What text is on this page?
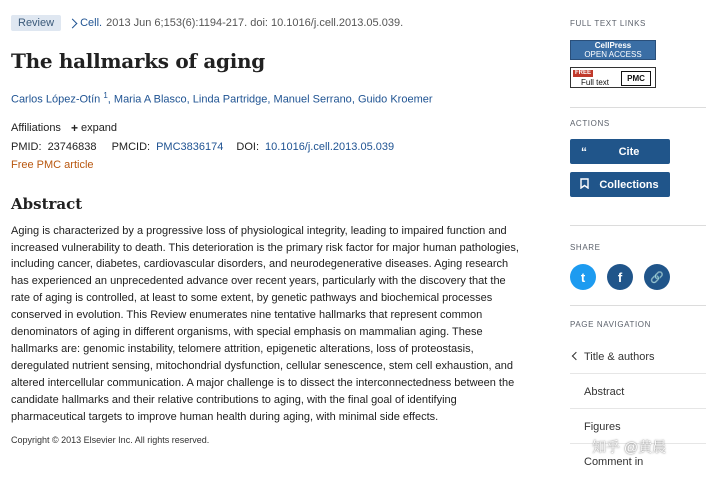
Review	Cell. 2013 Jun 6;153(6):1194-217. doi: 10.1016/j.cell.2013.05.039.
The hallmarks of aging
Carlos López-Otín $^1$, Maria A Blasco, Linda Partridge, Manuel Serrano, Guido Kroemer
Affiliations + expand
PMID: 23746838 PMCID: PMC3836174 DOI: 10.1016/j.cell.2013.05.039
Free PMC article
Abstract

Aging is characterized by a progressive loss of physiological integrity, leading to impaired function and increased vulnerability to death. This deterioration is the primary risk factor for major human pathologies, including cancer, diabetes, cardiovascular disorders, and neurodegenerative diseases. Aging research has experienced an unprecedented advance over recent years, particularly with the discovery that the rate of aging is controlled, at least to some extent, by genetic pathways and biochemical processes conserved in evolution. This Review enumerates nine tentative hallmarks that represent common denominators of aging in different organisms, with special emphasis on mammalian aging. These hallmarks are: genomic instability, telomere attrition, epigenetic alterations, loss of proteostasis, deregulated nutrient sensing, mitochondrial dysfunction, cellular senescence, stem cell exhaustion, and altered intercellular communication. A major challenge is to dissect the interconnectedness between the candidate hallmarks and their relative contributions to aging, with the final goal of identifying pharmaceutical targets to improve human health during aging, with minimal side effects.

Copyright © 2013 Elsevier Inc. All rights reserved.

FULL TEXT LINKS
CellPress
OPEN ACCESS
FREE
Full text	PMC
ACTIONS
“	Cite
Collections
SHARE
t	f	🔗
PAGE NAVIGATION
Title & authors
Abstract
Figures
Comment in
知乎 @黄晨
